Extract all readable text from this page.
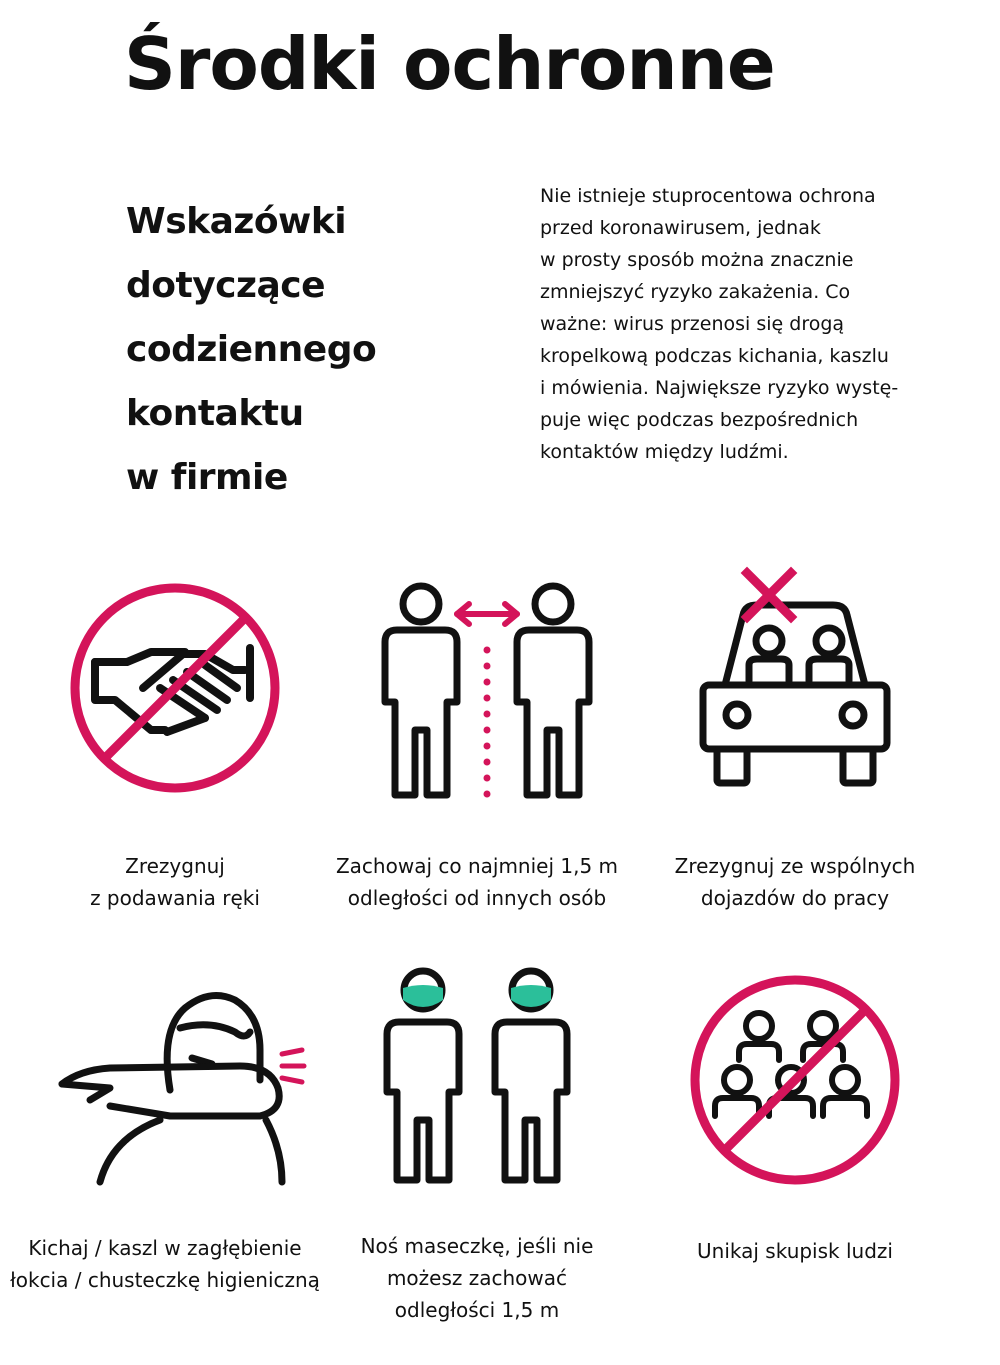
Środki ochronne
Wskazówki
dotyczące
codziennego
kontaktu
w firmie

Nie istnieje stuprocentowa ochrona
przed koronawirusem, jednak
w prosty sposób można znacznie
zmniejszyć ryzyko zakażenia. Co
ważne: wirus przenosi się drogą
kropelkową podczas kichania, kaszlu
i mówienia. Największe ryzyko wystę-
puje więc podczas bezpośrednich
kontaktów między ludźmi.

Zrezygnuj
z podawania ręki

Zachowaj co najmniej 1,5 m
odległości od innych osób

Zrezygnuj ze wspólnych
dojazdów do pracy

Kichaj / kaszl w zagłębienie
łokcia / chusteczkę higieniczną

Noś maseczkę, jeśli nie
możesz zachować
odległości 1,5 m

Unikaj skupisk ludzi
